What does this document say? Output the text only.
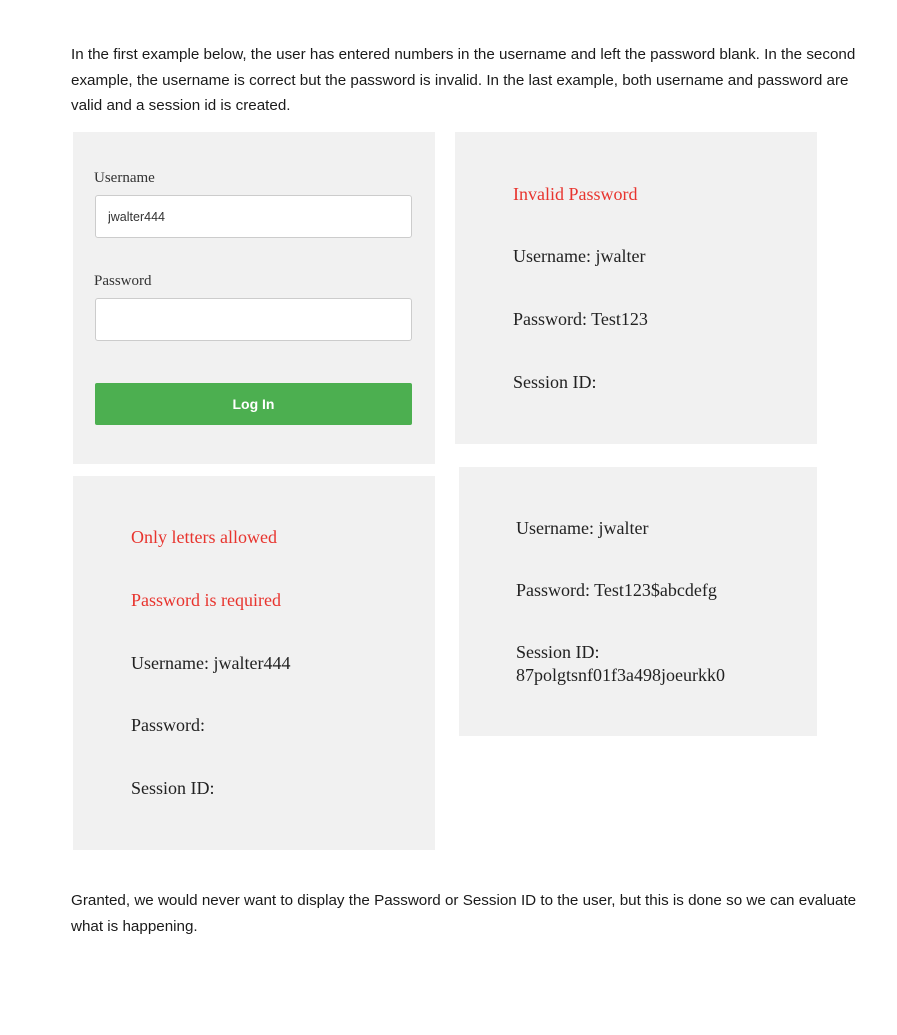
In the first example below, the user has entered numbers in the username and left the password blank. In the second example, the username is correct but the password is invalid. In the last example, both username and password are valid and a session id is created.

Username
jwalter444
Password
Log In
Invalid Password
Username: jwalter
Password: Test123
Session ID:
Only letters allowed
Password is required
Username: jwalter444
Password:
Session ID:
Username: jwalter
Password: Test123$abcdefg
Session ID:
87polgtsnf01f3a498joeurkk0

Granted, we would never want to display the Password or Session ID to the user, but this is done so we can evaluate what is happening.
